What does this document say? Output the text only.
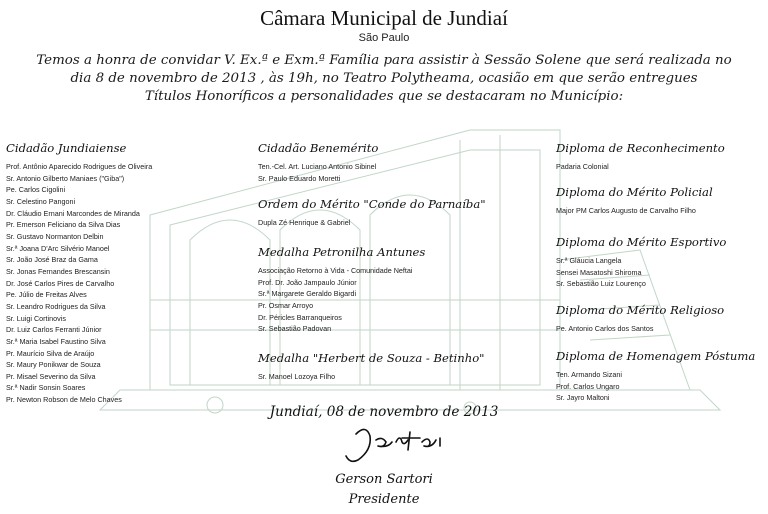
Câmara Municipal de Jundiaí
São Paulo
Temos a honra de convidar V. Ex.ª e Exm.ª Família para assistir à Sessão Solene que será realizada no
dia 8 de novembro de 2013 , às 19h, no Teatro Polytheama, ocasião em que serão entregues
Títulos Honoríficos a personalidades que se destacaram no Município:
Cidadão Jundiaiense
Prof. Antônio Aparecido Rodrigues de Oliveira
Sr. Antonio Gilberto Maniaes ("Giba")
Pe. Carlos Cigolini
Sr. Celestino Pangoni
Dr. Cláudio Ernani Marcondes de Miranda
Pr. Emerson Feliciano da Silva Dias
Sr. Gustavo Normanton Delbin
Sr.ª Joana D'Arc Silvério Manoel
Sr. João José Braz da Gama
Sr. Jonas Fernandes Brescansin
Dr. José Carlos Pires de Carvalho
Pe. Júlio de Freitas Alves
Sr. Leandro Rodrigues da Silva
Sr. Luigi Cortinovis
Dr. Luiz Carlos Ferranti Júnior
Sr.ª Maria Isabel Faustino Silva
Pr. Maurício Silva de Araújo
Sr. Maury Ponikwar de Souza
Pr. Misael Severino da Silva
Sr.ª Nadir Sonsin Soares
Pr. Newton Robson de Melo Chaves
Cidadão Benemérito
Ten.-Cel. Art. Luciano Antonio Sibinel
Sr. Paulo Eduardo Moretti
Ordem do Mérito "Conde do Parnaíba"
Dupla Zé Henrique & Gabriel
Medalha Petronilha Antunes
Associação Retorno à Vida - Comunidade Neftai
Prof. Dr. João Jampaulo Júnior
Sr.ª Margarete Geraldo Bigardi
Pr. Osmar Arroyo
Dr. Péricles Barranqueiros
Sr. Sebastião Padovan
Medalha "Herbert de Souza - Betinho"
Sr. Manoel Lozoya Filho
Diploma de Reconhecimento
Padaria Colonial
Diploma do Mérito Policial
Major PM Carlos Augusto de Carvalho Filho
Diploma do Mérito Esportivo
Sr.ª Gláucia Langela
Sensei Masatoshi Shiroma
Sr. Sebastião Luiz Lourenço
Diploma do Mérito Religioso
Pe. Antonio Carlos dos Santos
Diploma de Homenagem Póstuma
Ten. Armando Sizani
Prof. Carlos Ungaro
Sr. Jayro Maltoni
Jundiaí, 08 de novembro de 2013
Gerson Sartori
Presidente
